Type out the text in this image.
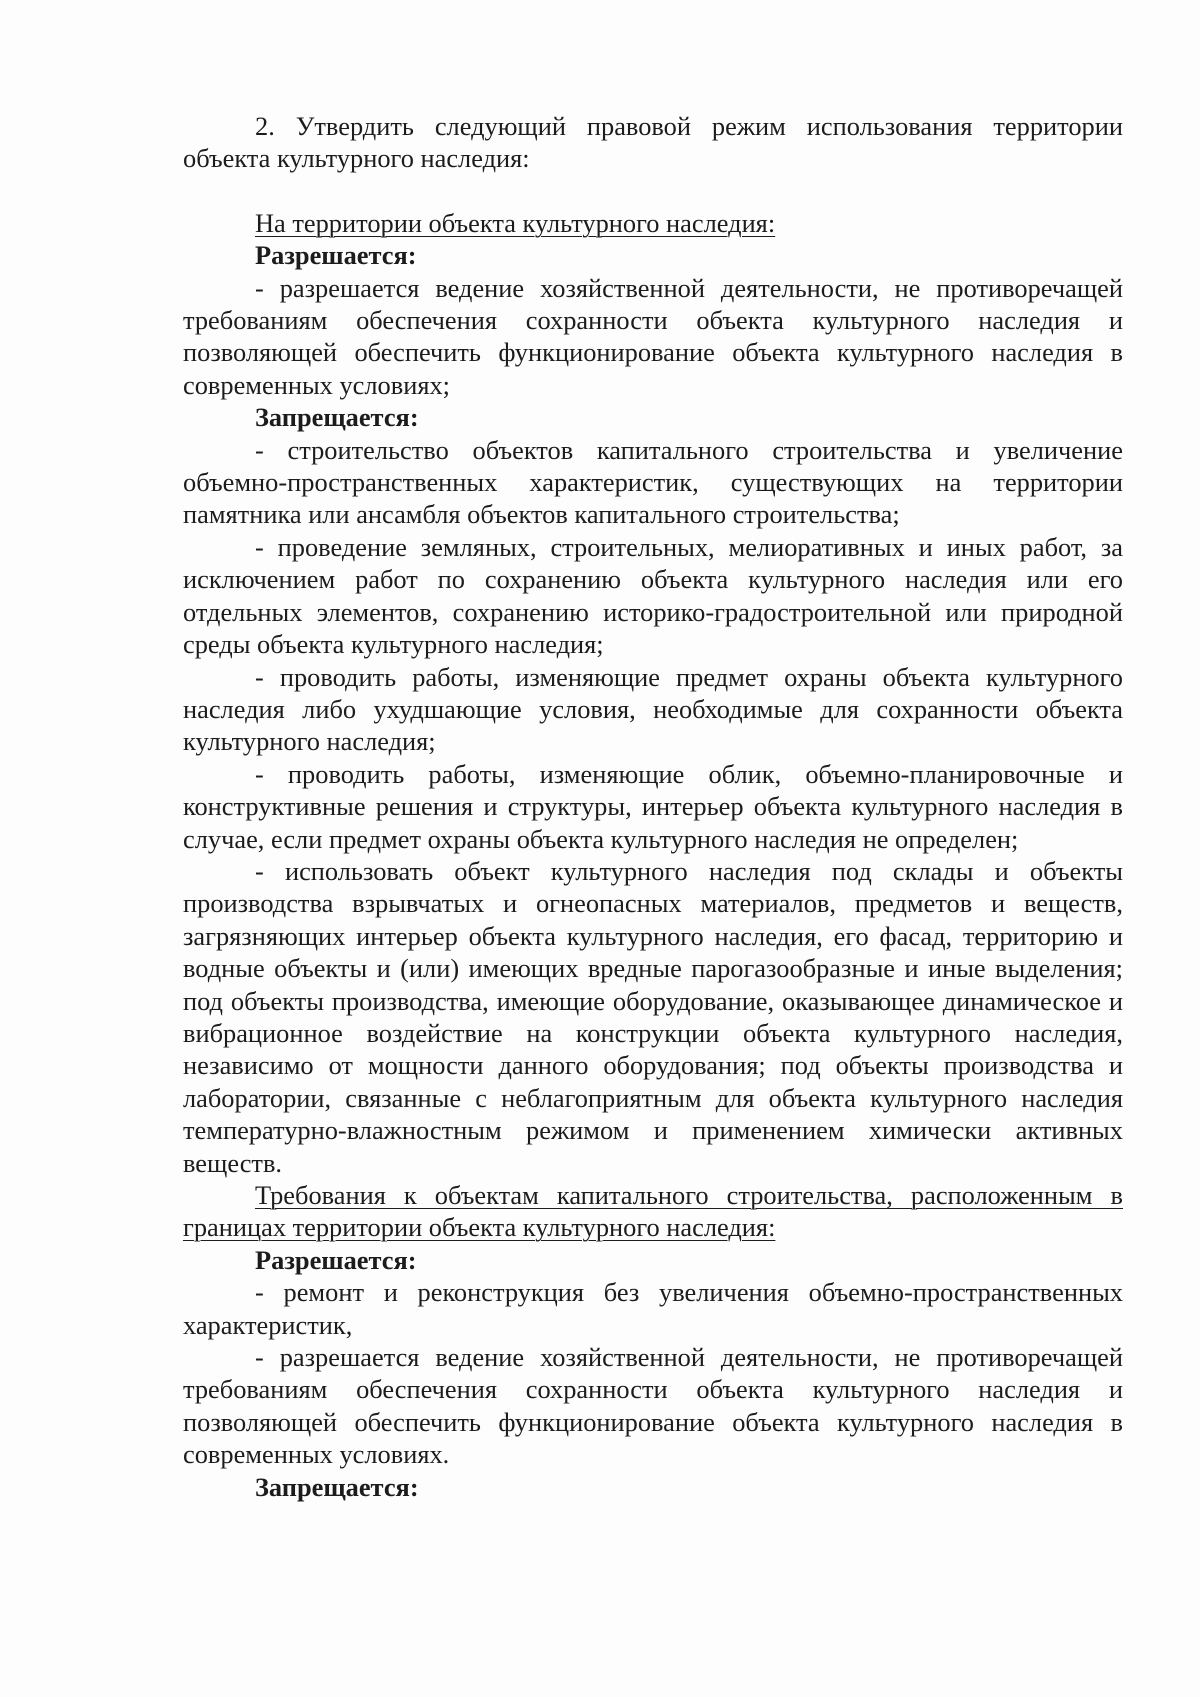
2. Утвердить следующий правовой режим использования территории объекта культурного наследия:

На территории объекта культурного наследия:

Разрешается:

- разрешается ведение хозяйственной деятельности, не противоречащей требованиям обеспечения сохранности объекта культурного наследия и позволяющей обеспечить функционирование объекта культурного наследия в современных условиях;

Запрещается:

- строительство объектов капитального строительства и увеличение объемно-пространственных характеристик, существующих на территории памятника или ансамбля объектов капитального строительства;

- проведение земляных, строительных, мелиоративных и иных работ, за исключением работ по сохранению объекта культурного наследия или его отдельных элементов, сохранению историко-градостроительной или природной среды объекта культурного наследия;

- проводить работы, изменяющие предмет охраны объекта культурного наследия либо ухудшающие условия, необходимые для сохранности объекта культурного наследия;

- проводить работы, изменяющие облик, объемно-планировочные и конструктивные решения и структуры, интерьер объекта культурного наследия в случае, если предмет охраны объекта культурного наследия не определен;

- использовать объект культурного наследия под склады и объекты производства взрывчатых и огнеопасных материалов, предметов и веществ, загрязняющих интерьер объекта культурного наследия, его фасад, территорию и водные объекты и (или) имеющих вредные парогазообразные и иные выделения; под объекты производства, имеющие оборудование, оказывающее динамическое и вибрационное воздействие на конструкции объекта культурного наследия, независимо от мощности данного оборудования; под объекты производства и лаборатории, связанные с неблагоприятным для объекта культурного наследия температурно-влажностным режимом и применением химически активных веществ.

Требования к объектам капитального строительства, расположенным в границах территории объекта культурного наследия:

Разрешается:

- ремонт и реконструкция без увеличения объемно-пространственных характеристик,

- разрешается ведение хозяйственной деятельности, не противоречащей требованиям обеспечения сохранности объекта культурного наследия и позволяющей обеспечить функционирование объекта культурного наследия в современных условиях.

Запрещается:
